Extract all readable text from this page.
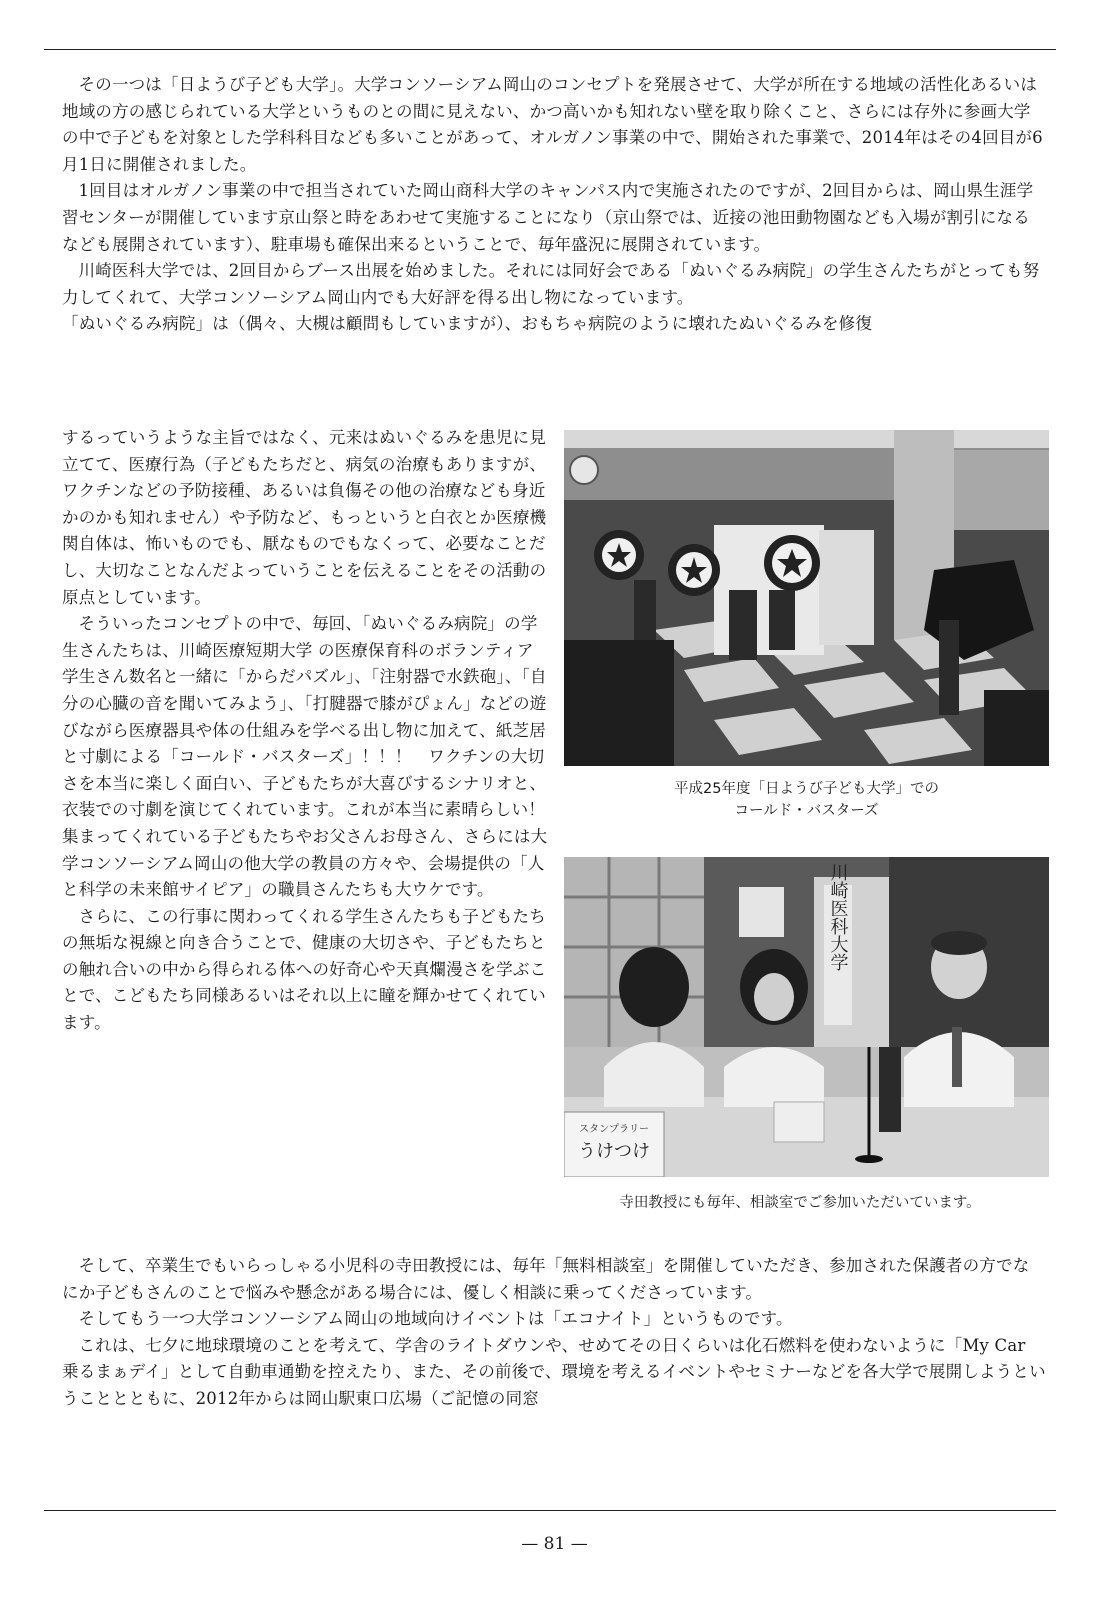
その一つは「日ようび子ども大学」。大学コンソーシアム岡山のコンセプトを発展させて、大学が所在する地域の活性化あるいは地域の方の感じられている大学というものとの間に見えない、かつ高いかも知れない壁を取り除くこと、さらには存外に参画大学の中で子どもを対象とした学科科目なども多いことがあって、オルガノン事業の中で、開始された事業で、2014年はその4回目が6月1日に開催されました。

1回目はオルガノン事業の中で担当されていた岡山商科大学のキャンパス内で実施されたのですが、2回目からは、岡山県生涯学習センターが開催しています京山祭と時をあわせて実施することになり（京山祭では、近接の池田動物園なども入場が割引になるなども展開されています）、駐車場も確保出来るということで、毎年盛況に展開されています。

川崎医科大学では、2回目からブース出展を始めました。それには同好会である「ぬいぐるみ病院」の学生さんたちがとっても努力してくれて、大学コンソーシアム岡山内でも大好評を得る出し物になっています。

「ぬいぐるみ病院」は（偶々、大槻は顧問もしていますが）、おもちゃ病院のように壊れたぬいぐるみを修復

するっていうような主旨ではなく、元来はぬいぐるみを患児に見立てて、医療行為（子どもたちだと、病気の治療もありますが、ワクチンなどの予防接種、あるいは負傷その他の治療なども身近かのかも知れません）や予防など、もっというと白衣とか医療機関自体は、怖いものでも、厭なものでもなくって、必要なことだし、大切なことなんだよっていうことを伝えることをその活動の原点としています。

そういったコンセプトの中で、毎回、「ぬいぐるみ病院」の学生さんたちは、川崎医療短期大学 の医療保育科のボランティア学生さん数名と一緒に「からだパズル」、「注射器で水鉄砲」、「自分の心臓の音を聞いてみよう」、「打腱器で膝がぴょん」などの遊びながら医療器具や体の仕組みを学べる出し物に加えて、紙芝居と寸劇による「コールド・バスターズ」！！！　ワクチンの大切さを本当に楽しく面白い、子どもたちが大喜びするシナリオと、衣装での寸劇を演じてくれています。これが本当に素晴らしい！集まってくれている子どもたちやお父さんお母さん、さらには大学コンソーシアム岡山の他大学の教員の方々や、会場提供の「人と科学の未来館サイピア」の職員さんたちも大ウケです。

さらに、この行事に関わってくれる学生さんたちも子どもたちの無垢な視線と向き合うことで、健康の大切さや、子どもたちとの触れ合いの中から得られる体への好奇心や天真爛漫さを学ぶことで、こどもたち同様あるいはそれ以上に瞳を輝かせてくれています。

平成25年度「日ようび子ども大学」での
コールド・バスターズ
川崎医科大学
スタンプラリー
うけつけ
寺田教授にも毎年、相談室でご参加いただいています。

そして、卒業生でもいらっしゃる小児科の寺田教授には、毎年「無料相談室」を開催していただき、参加された保護者の方でなにか子どもさんのことで悩みや懸念がある場合には、優しく相談に乗ってくださっています。

そしてもう一つ大学コンソーシアム岡山の地域向けイベントは「エコナイト」というものです。

これは、七夕に地球環境のことを考えて、学舎のライトダウンや、せめてその日くらいは化石燃料を使わないように「My Car 乗るまぁデイ」として自動車通勤を控えたり、また、その前後で、環境を考えるイベントやセミナーなどを各大学で展開しようということとともに、2012年からは岡山駅東口広場（ご記憶の同窓

— 81 —
